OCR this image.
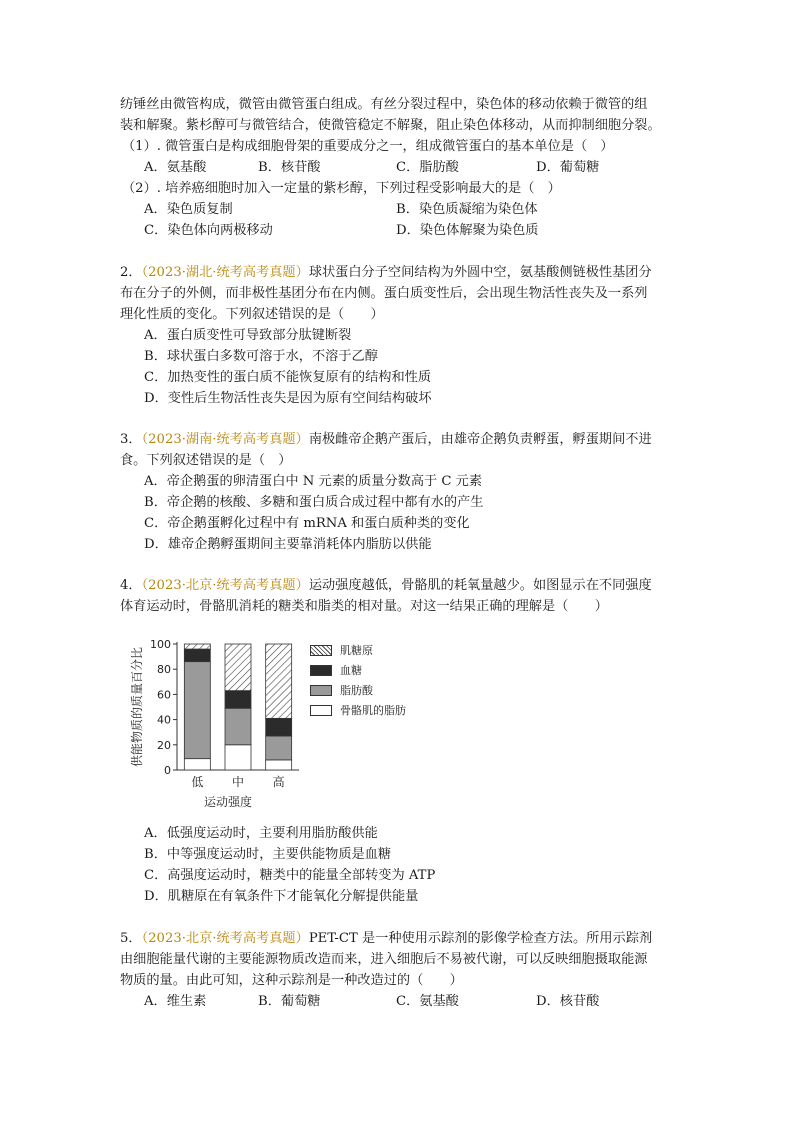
纺锤丝由微管构成，微管由微管蛋白组成。有丝分裂过程中，染色体的移动依赖于微管的组
装和解聚。紫杉醇可与微管结合，使微管稳定不解聚，阻止染色体移动，从而抑制细胞分裂。
（1）. 微管蛋白是构成细胞骨架的重要成分之一，组成微管蛋白的基本单位是（　）
A．氨基酸	B．核苷酸	C．脂肪酸	D．葡萄糖
（2）. 培养癌细胞时加入一定量的紫杉醇，下列过程受影响最大的是（　）
A．染色质复制	B．染色质凝缩为染色体
C．染色体向两极移动	D．染色体解聚为染色质
2．（2023·湖北·统考高考真题）球状蛋白分子空间结构为外圆中空，氨基酸侧链极性基团分
布在分子的外侧，而非极性基团分布在内侧。蛋白质变性后，会出现生物活性丧失及一系列
理化性质的变化。下列叙述错误的是（　　）
A．蛋白质变性可导致部分肽键断裂
B．球状蛋白多数可溶于水，不溶于乙醇
C．加热变性的蛋白质不能恢复原有的结构和性质
D．变性后生物活性丧失是因为原有空间结构破坏
3．（2023·湖南·统考高考真题）南极雌帝企鹅产蛋后，由雄帝企鹅负责孵蛋，孵蛋期间不进
食。下列叙述错误的是（　）
A．帝企鹅蛋的卵清蛋白中 N 元素的质量分数高于 C 元素
B．帝企鹅的核酸、多糖和蛋白质合成过程中都有水的产生
C．帝企鹅蛋孵化过程中有 mRNA 和蛋白质种类的变化
D．雄帝企鹅孵蛋期间主要靠消耗体内脂肪以供能
4．（2023·北京·统考高考真题）运动强度越低，骨骼肌的耗氧量越少。如图显示在不同强度
体育运动时，骨骼肌消耗的糖类和脂类的相对量。对这一结果正确的理解是（　　）
0
20
40
60
80
100
供能物质的质量百分比
低 中 高
运动强度
肌糖原
血糖
脂肪酸
骨骼肌的脂肪
A．低强度运动时，主要利用脂肪酸供能
B．中等强度运动时，主要供能物质是血糖
C．高强度运动时，糖类中的能量全部转变为 ATP
D．肌糖原在有氧条件下才能氧化分解提供能量
5．（2023·北京·统考高考真题）PET-CT 是一种使用示踪剂的影像学检查方法。所用示踪剂
由细胞能量代谢的主要能源物质改造而来，进入细胞后不易被代谢，可以反映细胞摄取能源
物质的量。由此可知，这种示踪剂是一种改造过的（　　）
A．维生素	B．葡萄糖	C．氨基酸	D．核苷酸
